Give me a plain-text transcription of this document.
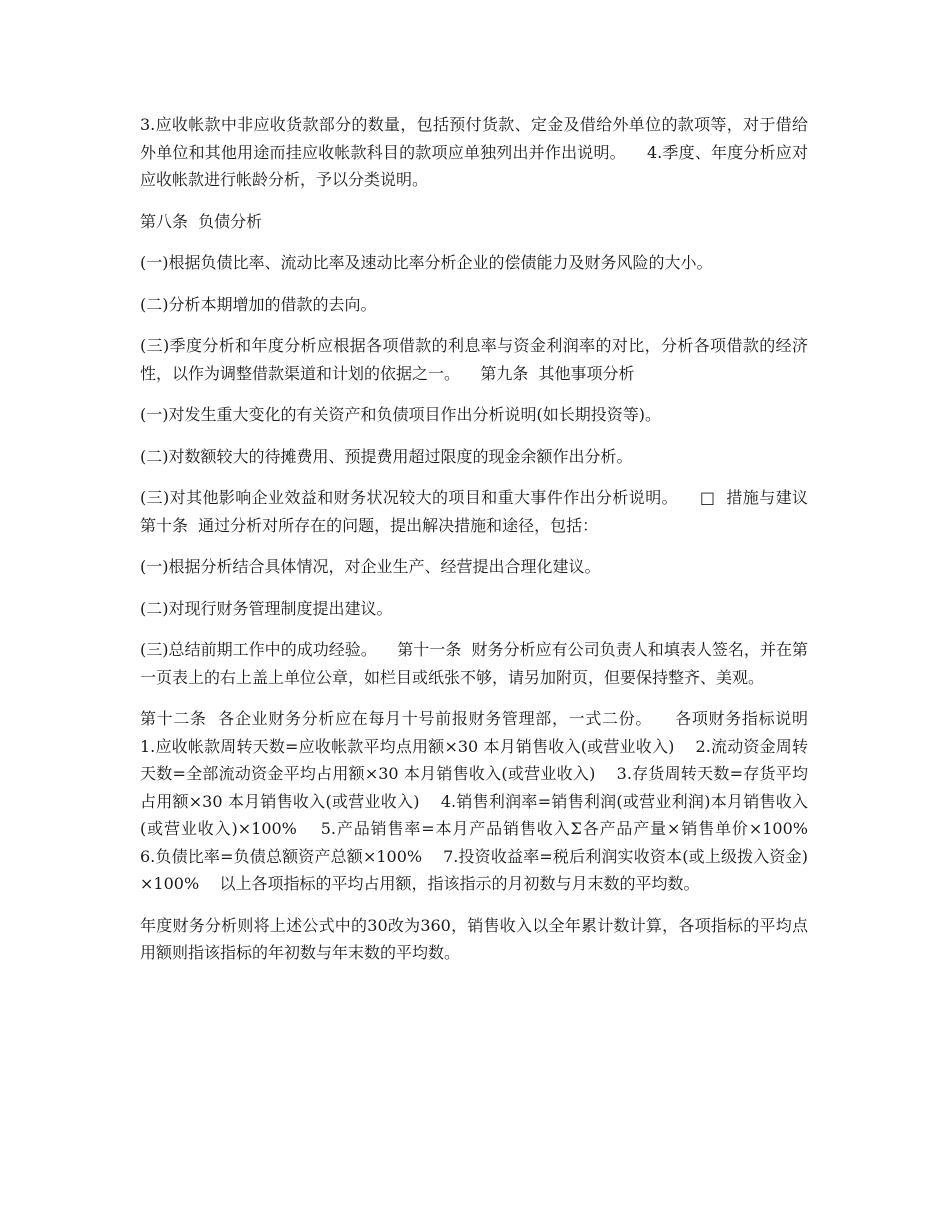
3.应收帐款中非应收货款部分的数量，包括预付货款、定金及借给外单位的款项等，对于借给外单位和其他用途而挂应收帐款科目的款项应单独列出并作出说明。    4.季度、年度分析应对应收帐款进行帐龄分析，予以分类说明。

第八条  负债分析

(一)根据负债比率、流动比率及速动比率分析企业的偿债能力及财务风险的大小。

(二)分析本期增加的借款的去向。

(三)季度分析和年度分析应根据各项借款的利息率与资金利润率的对比，分析各项借款的经济性，以作为调整借款渠道和计划的依据之一。    第九条  其他事项分析

(一)对发生重大变化的有关资产和负债项目作出分析说明(如长期投资等)。

(二)对数额较大的待摊费用、预提费用超过限度的现金余额作出分析。

(三)对其他影响企业效益和财务状况较大的项目和重大事件作出分析说明。    □  措施与建议    第十条  通过分析对所存在的问题，提出解决措施和途径，包括：

(一)根据分析结合具体情况，对企业生产、经营提出合理化建议。

(二)对现行财务管理制度提出建议。

(三)总结前期工作中的成功经验。    第十一条  财务分析应有公司负责人和填表人签名，并在第一页表上的右上盖上单位公章，如栏目或纸张不够，请另加附页，但要保持整齐、美观。

第十二条  各企业财务分析应在每月十号前报财务管理部，一式二份。    各项财务指标说明    1.应收帐款周转天数=应收帐款平均点用额×30 本月销售收入(或营业收入)    2.流动资金周转天数=全部流动资金平均占用额×30 本月销售收入(或营业收入)    3.存货周转天数=存货平均占用额×30 本月销售收入(或营业收入)    4.销售利润率=销售利润(或营业利润)本月销售收入(或营业收入)×100%    5.产品销售率=本月产品销售收入Σ各产品产量×销售单价×100%    6.负债比率=负债总额资产总额×100%    7.投资收益率=税后利润实收资本(或上级拨入资金)×100%    以上各项指标的平均占用额，指该指示的月初数与月末数的平均数。

年度财务分析则将上述公式中的30改为360，销售收入以全年累计数计算，各项指标的平均点用额则指该指标的年初数与年末数的平均数。
